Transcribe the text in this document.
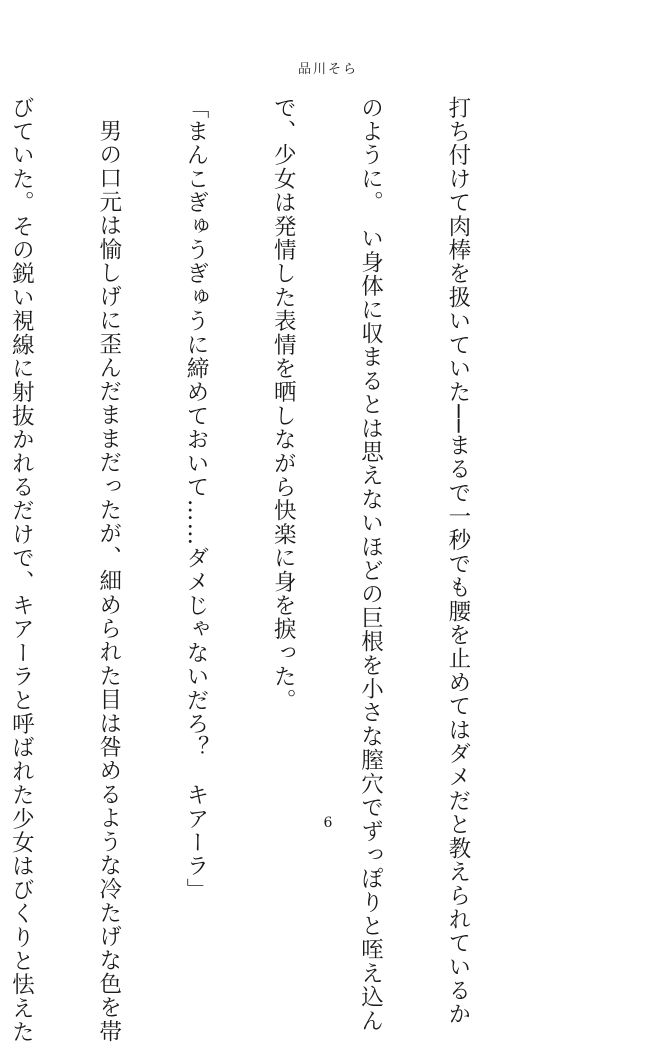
品川そら

打ち付けて肉棒を扱いていた──まるで一秒でも腰を止めてはダメだと教えられているか

のように。　い身体に収まるとは思えないほどの巨根を小さな膣穴でずっぽりと咥え込ん

で、少女は発情した表情を晒しながら快楽に身を捩った。

「まんこぎゅうぎゅうに締めておいて……ダメじゃないだろ？　キアーラ」

男の口元は愉しげに歪んだままだったが、細められた目は咎めるような冷たげな色を帯

びていた。その鋭い視線に射抜かれるだけで、キアーラと呼ばれた少女はびくりと怯えた

	6
